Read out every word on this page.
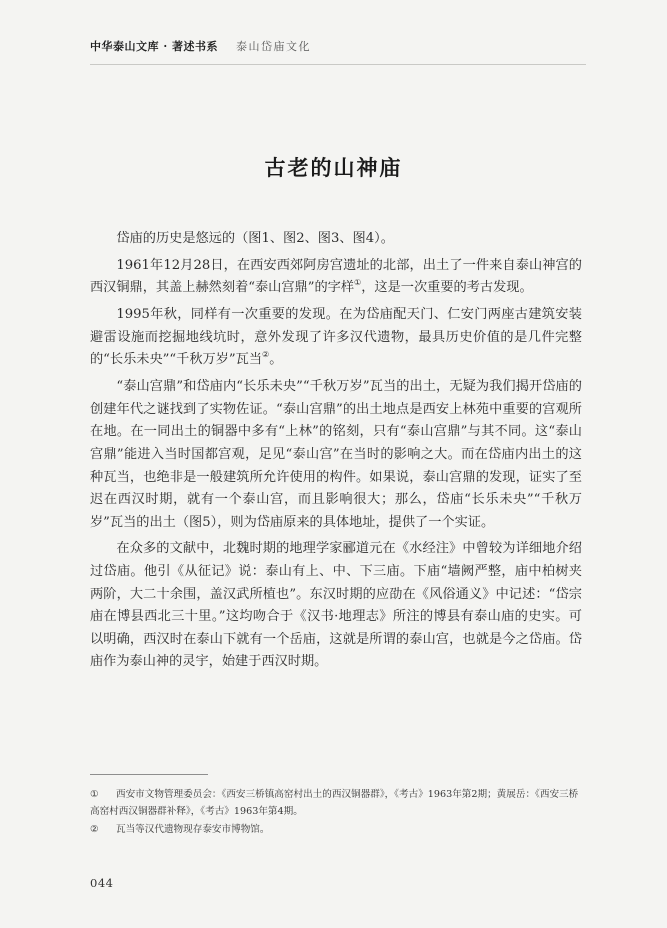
中华泰山文库 · 著述书系 泰山岱庙文化
古老的山神庙

岱庙的历史是悠远的（图1、图2、图3、图4）。

1961年12月28日，在西安西郊阿房宫遗址的北部，出土了一件来自泰山神宫的西汉铜鼎，其盖上赫然刻着“泰山宫鼎”的字样①，这是一次重要的考古发现。

1995年秋，同样有一次重要的发现。在为岱庙配天门、仁安门两座古建筑安装避雷设施而挖掘地线坑时，意外发现了许多汉代遗物，最具历史价值的是几件完整的“长乐未央”“千秋万岁”瓦当②。

“泰山宫鼎”和岱庙内“长乐未央”“千秋万岁”瓦当的出土，无疑为我们揭开岱庙的创建年代之谜找到了实物佐证。“泰山宫鼎”的出土地点是西安上林苑中重要的宫观所在地。在一同出土的铜器中多有“上林”的铭刻，只有“泰山宫鼎”与其不同。这“泰山宫鼎”能进入当时国都宫观，足见“泰山宫”在当时的影响之大。而在岱庙内出土的这种瓦当，也绝非是一般建筑所允许使用的构件。如果说，泰山宫鼎的发现，证实了至迟在西汉时期，就有一个泰山宫，而且影响很大；那么，岱庙“长乐未央”“千秋万岁”瓦当的出土（图5），则为岱庙原来的具体地址，提供了一个实证。

在众多的文献中，北魏时期的地理学家郦道元在《水经注》中曾较为详细地介绍过岱庙。他引《从征记》说：泰山有上、中、下三庙。下庙“墙阙严整，庙中柏树夹两阶，大二十余围，盖汉武所植也”。东汉时期的应劭在《风俗通义》中记述：“岱宗庙在博县西北三十里。”这均吻合于《汉书·地理志》所注的博县有泰山庙的史实。可以明确，西汉时在泰山下就有一个岳庙，这就是所谓的泰山宫，也就是今之岱庙。岱庙作为泰山神的灵宇，始建于西汉时期。

① 西安市文物管理委员会：《西安三桥镇高窑村出土的西汉铜器群》，《考古》1963年第2期；黄展岳：《西安三桥高窑村西汉铜器群补释》，《考古》1963年第4期。
② 瓦当等汉代遗物现存泰安市博物馆。
044
